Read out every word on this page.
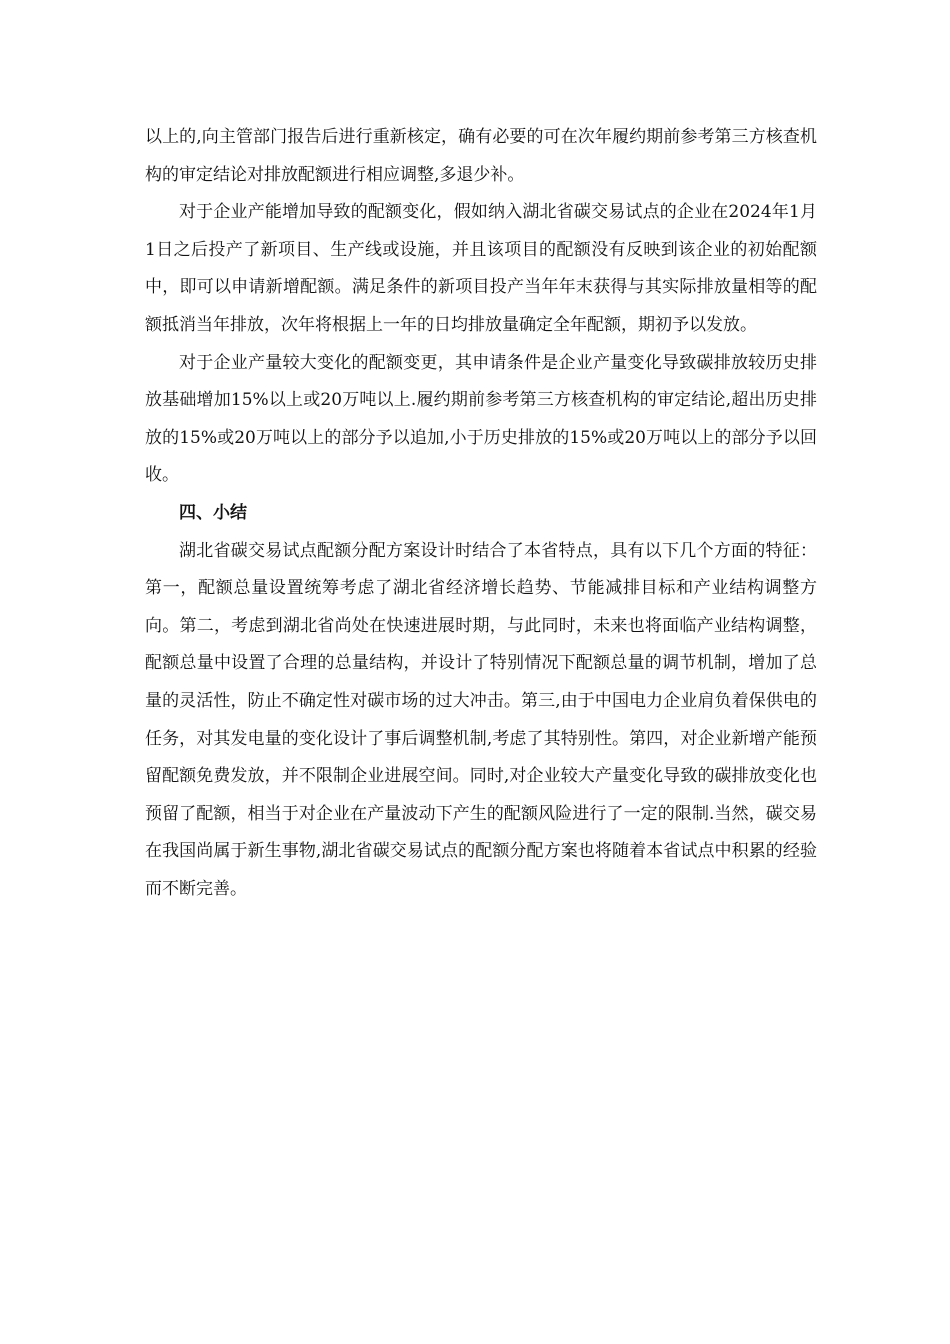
以上的,向主管部门报告后进行重新核定，确有必要的可在次年履约期前参考第三方核查机构的审定结论对排放配额进行相应调整,多退少补。

对于企业产能增加导致的配额变化，假如纳入湖北省碳交易试点的企业在2024年1月1日之后投产了新项目、生产线或设施，并且该项目的配额没有反映到该企业的初始配额中，即可以申请新增配额。满足条件的新项目投产当年年末获得与其实际排放量相等的配额抵消当年排放，次年将根据上一年的日均排放量确定全年配额，期初予以发放。

对于企业产量较大变化的配额变更，其申请条件是企业产量变化导致碳排放较历史排放基础增加15%以上或20万吨以上.履约期前参考第三方核查机构的审定结论,超出历史排放的15%或20万吨以上的部分予以追加,小于历史排放的15%或20万吨以上的部分予以回收。

四、小结

湖北省碳交易试点配额分配方案设计时结合了本省特点，具有以下几个方面的特征：第一，配额总量设置统筹考虑了湖北省经济增长趋势、节能减排目标和产业结构调整方向。第二，考虑到湖北省尚处在快速进展时期，与此同时，未来也将面临产业结构调整，配额总量中设置了合理的总量结构，并设计了特别情况下配额总量的调节机制，增加了总量的灵活性，防止不确定性对碳市场的过大冲击。第三,由于中国电力企业肩负着保供电的任务，对其发电量的变化设计了事后调整机制,考虑了其特别性。第四，对企业新增产能预留配额免费发放，并不限制企业进展空间。同时,对企业较大产量变化导致的碳排放变化也预留了配额，相当于对企业在产量波动下产生的配额风险进行了一定的限制.当然，碳交易在我国尚属于新生事物,湖北省碳交易试点的配额分配方案也将随着本省试点中积累的经验而不断完善。
